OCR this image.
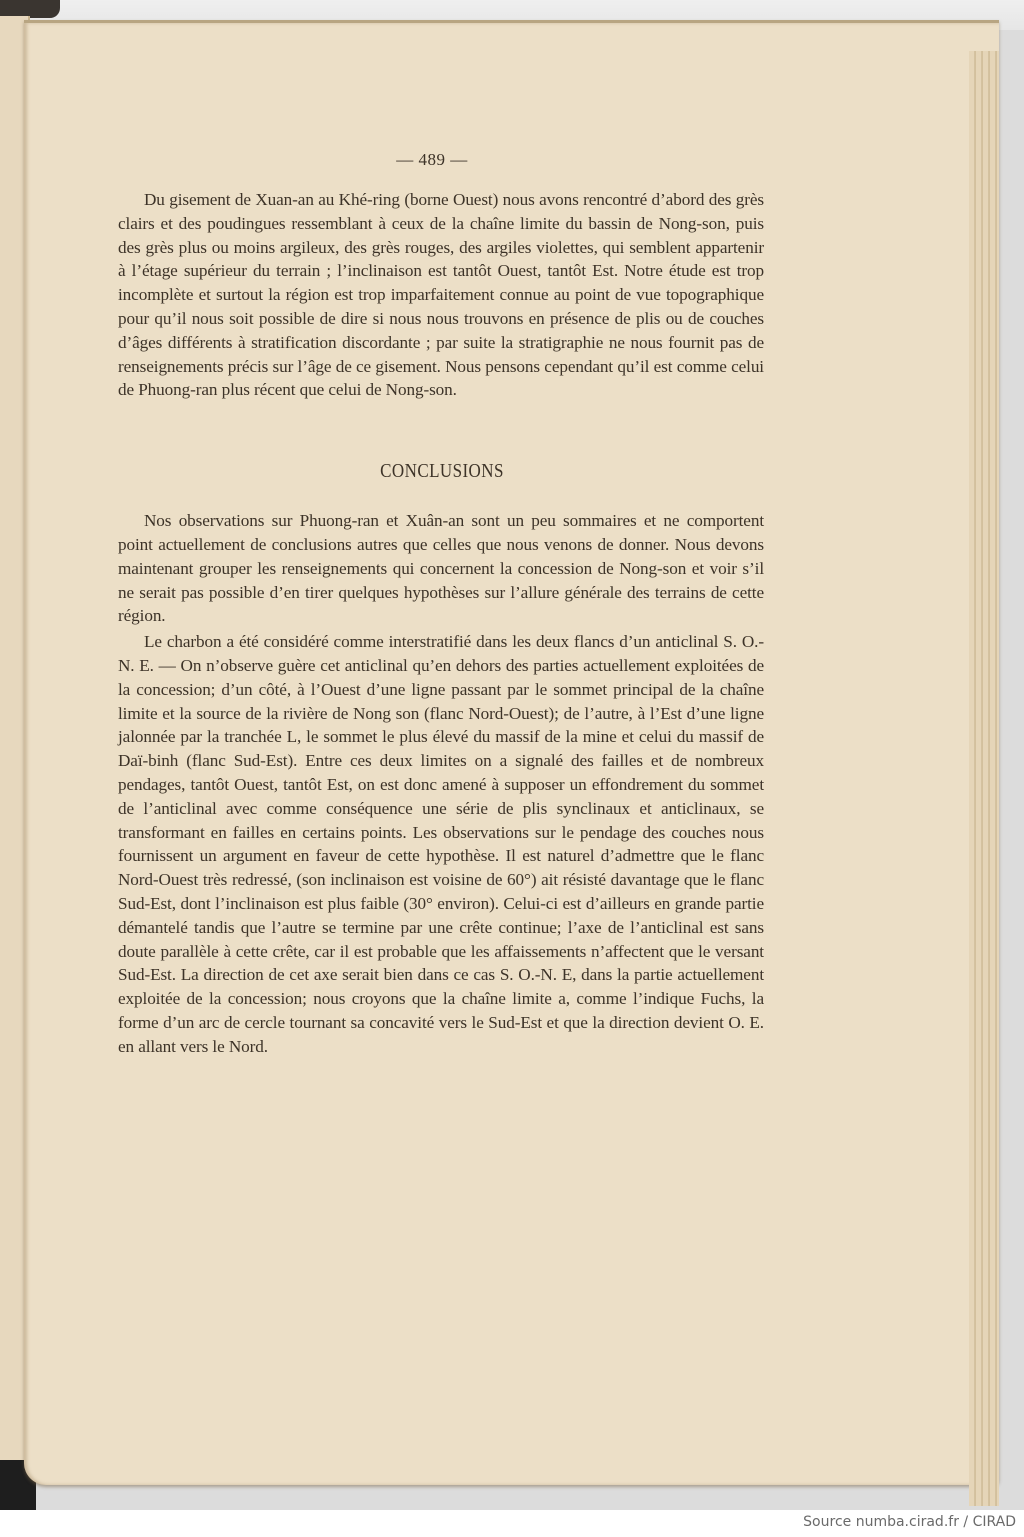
— 489 —

Du gisement de Xuan-an au Khé-ring (borne Ouest) nous avons rencontré d’abord des grès clairs et des poudingues ressemblant à ceux de la chaîne limite du bassin de Nong-son, puis des grès plus ou moins argileux, des grès rouges, des argiles violettes, qui semblent appartenir à l’étage supérieur du terrain ; l’inclinaison est tantôt Ouest, tantôt Est. Notre étude est trop incomplète et surtout la région est trop imparfaitement connue au point de vue topographique pour qu’il nous soit possible de dire si nous nous trouvons en présence de plis ou de couches d’âges différents à stratification discordante ; par suite la stratigraphie ne nous fournit pas de renseignements précis sur l’âge de ce gisement. Nous pensons cependant qu’il est comme celui de Phuong-ran plus récent que celui de Nong-son.

CONCLUSIONS

Nos observations sur Phuong-ran et Xuân-an sont un peu sommaires et ne comportent point actuellement de conclusions autres que celles que nous venons de donner. Nous devons maintenant grouper les renseignements qui concernent la concession de Nong-son et voir s’il ne serait pas possible d’en tirer quelques hypothèses sur l’allure générale des terrains de cette région.

Le charbon a été considéré comme interstratifié dans les deux flancs d’un anticlinal S. O.-N. E. — On n’observe guère cet anticlinal qu’en dehors des parties actuellement exploitées de la concession; d’un côté, à l’Ouest d’une ligne passant par le sommet principal de la chaîne limite et la source de la rivière de Nong son (flanc Nord-Ouest); de l’autre, à l’Est d’une ligne jalonnée par la tranchée L, le sommet le plus élevé du massif de la mine et celui du massif de Daï-binh (flanc Sud-Est). Entre ces deux limites on a signalé des failles et de nombreux pendages, tantôt Ouest, tantôt Est, on est donc amené à supposer un effondrement du sommet de l’anticlinal avec comme conséquence une série de plis synclinaux et anticlinaux, se transformant en failles en certains points. Les observations sur le pendage des couches nous fournissent un argument en faveur de cette hypothèse. Il est naturel d’admettre que le flanc Nord-Ouest très redressé, (son inclinaison est voisine de 60°) ait résisté davantage que le flanc Sud-Est, dont l’inclinaison est plus faible (30° environ). Celui-ci est d’ailleurs en grande partie démantelé tandis que l’autre se termine par une crête continue; l’axe de l’anticlinal est sans doute parallèle à cette crête, car il est probable que les affaissements n’affectent que le versant Sud-Est. La direction de cet axe serait bien dans ce cas S. O.-N. E, dans la partie actuellement exploitée de la concession; nous croyons que la chaîne limite a, comme l’indique Fuchs, la forme d’un arc de cercle tournant sa concavité vers le Sud-Est et que la direction devient O. E. en allant vers le Nord.

Source numba.cirad.fr / CIRAD
